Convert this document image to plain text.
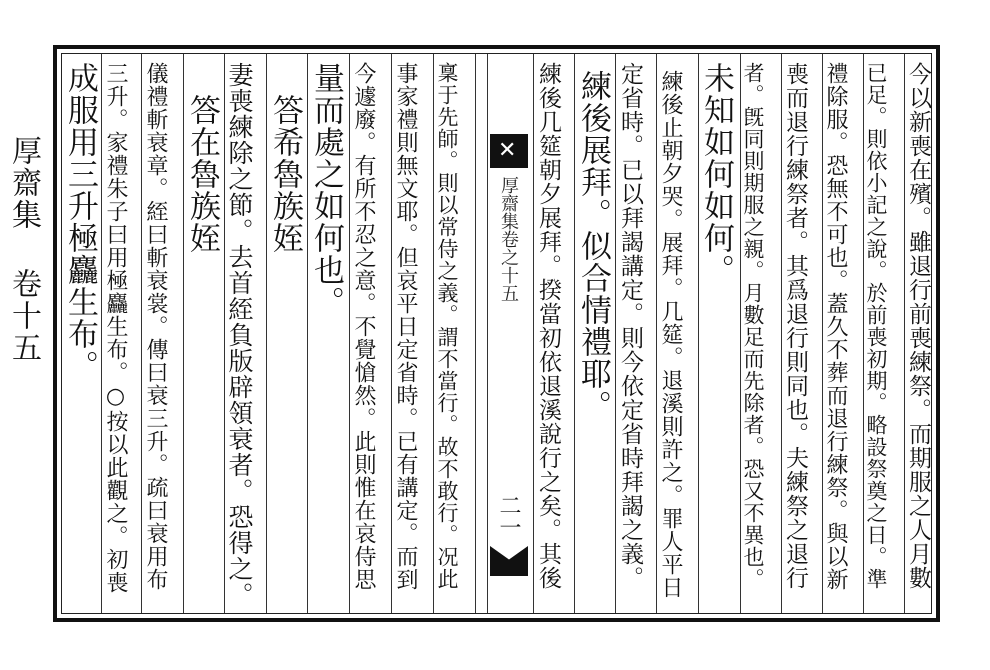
厚齋集 卷十五
✕	厚齋集卷之十五
二一	今以新喪在殯。雖退行前喪練祭。而期服之人月數
已足。則依小記之說。於前喪初期。略設祭奠之日。準
禮除服。恐無不可也。蓋久不葬而退行練祭。與以新
喪而退行練祭者。其爲退行則同也。夫練祭之退行
者。旣同則期服之親。月數足而先除者。恐又不異也。
未知如何如何。
練後止朝夕哭。展拜。几筵。退溪則許之。罪人平日
定省時。已以拜謁講定。則今依定省時拜謁之義。
練後展拜。似合情禮耶。
練後几筵朝夕展拜。揆當初依退溪說行之矣。其後
稟于先師。則以常侍之義。謂不當行。故不敢行。况此
事家禮則無文耶。但哀平日定省時。已有講定。而到
今遽廢。有所不忍之意。不覺愴然。此則惟在哀侍思
量而處之如何也。
答希魯族姪
妻喪練除之節。去首絰負版辟領衰者。恐得之。
答在魯族姪
儀禮斬衰章。絰曰斬衰裳。傳曰衰三升。疏曰衰用布
三升。家禮朱子曰用極麤生布。○按以此觀之。初喪
成服用三升極麤生布。
